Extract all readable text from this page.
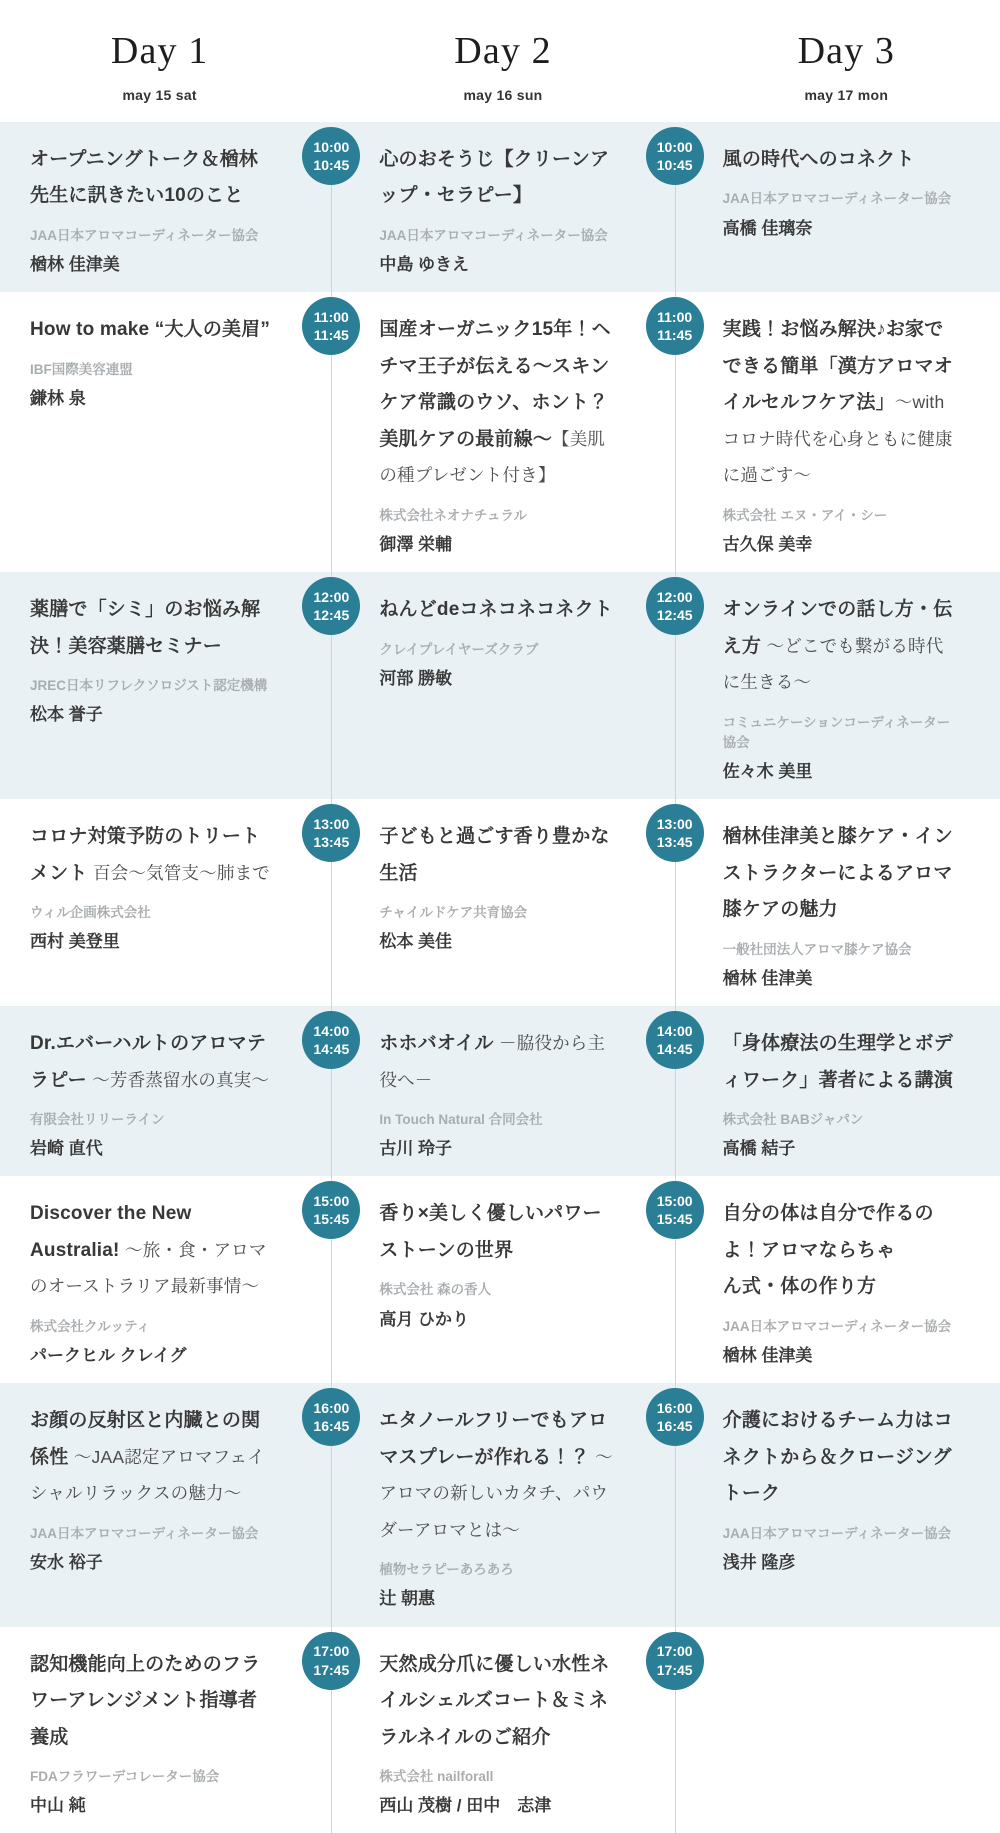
Day 1
may 15 sat
Day 2
may 16 sun
Day 3
may 17 mon
オープニングトーク＆楢林先生に訊きたい10のこと

JAA日本アロマコーディネーター協会

楢林 佳津美

10:00
10:45 心のおそうじ【クリーンアップ・セラピー】

JAA日本アロマコーディネーター協会

中島 ゆきえ

10:00
10:45 風の時代へのコネクト

JAA日本アロマコーディネーター協会

高橋 佳璃奈

How to make “大人の美眉”

IBF国際美容連盟

鎌林 泉

11:00
11:45 国産オーガニック15年！ヘチマ王子が伝える～スキンケア常識のウソ、ホント？美肌ケアの最前線～【美肌の種プレゼント付き】

株式会社ネオナチュラル

御澤 栄輔

11:00
11:45 実践！お悩み解決♪お家でできる簡単「漢方アロマオイルセルフケア法」～withコロナ時代を心身ともに健康に過ごす～

株式会社 エヌ・アイ・シー

古久保 美幸

薬膳で「シミ」のお悩み解決！美容薬膳セミナー

JREC日本リフレクソロジスト認定機構

松本 誉子

12:00
12:45 ねんどdeコネコネコネクト

クレイプレイヤーズクラブ

河部 勝敏

12:00
12:45 オンラインでの話し方・伝え方 ～どこでも繋がる時代に生きる～

コミュニケーションコーディネーター協会

佐々木 美里

コロナ対策予防のトリートメント 百会～気管支～肺まで

ウィル企画株式会社

西村 美登里

13:00
13:45 子どもと過ごす香り豊かな生活

チャイルドケア共育協会

松本 美佳

13:00
13:45 楢林佳津美と膝ケア・インストラクターによるアロマ膝ケアの魅力

一般社団法人アロマ膝ケア協会

楢林 佳津美

Dr.エバーハルトのアロマテラピー ～芳香蒸留水の真実～

有限会社リリーライン

岩崎 直代

14:00
14:45 ホホバオイル －脇役から主役へ－

In Touch Natural 合同会社

古川 玲子

14:00
14:45 「身体療法の生理学とボディワーク」著者による講演

株式会社 BABジャパン

高橋 結子

Discover the New Australia! ～旅・食・アロマのオーストラリア最新事情～

株式会社クルッティ

パークヒル クレイグ

15:00
15:45 香り×美しく優しいパワーストーンの世界

株式会社 森の香人

高月 ひかり

15:00
15:45 自分の体は自分で作るのよ！アロマならちゃ
ん式・体の作り方

JAA日本アロマコーディネーター協会

楢林 佳津美

お顔の反射区と内臓との関係性 ～JAA認定アロマフェイシャルリラックスの魅力～

JAA日本アロマコーディネーター協会

安水 裕子

16:00
16:45 エタノールフリーでもアロマスプレーが作れる！？ ～アロマの新しいカタチ、パウダーアロマとは～

植物セラピーあろあろ

辻 朝惠

16:00
16:45 介護におけるチーム力はコネクトから＆クロージングトーク

JAA日本アロマコーディネーター協会

浅井 隆彦

認知機能向上のためのフラワーアレンジメント指導者養成

FDAフラワーデコレーター協会

中山 純

17:00
17:45 天然成分爪に優しい水性ネイルシェルズコート＆ミネラルネイルのご紹介

株式会社 nailforall

西山 茂樹 / 田中　志津

17:00
17:45
